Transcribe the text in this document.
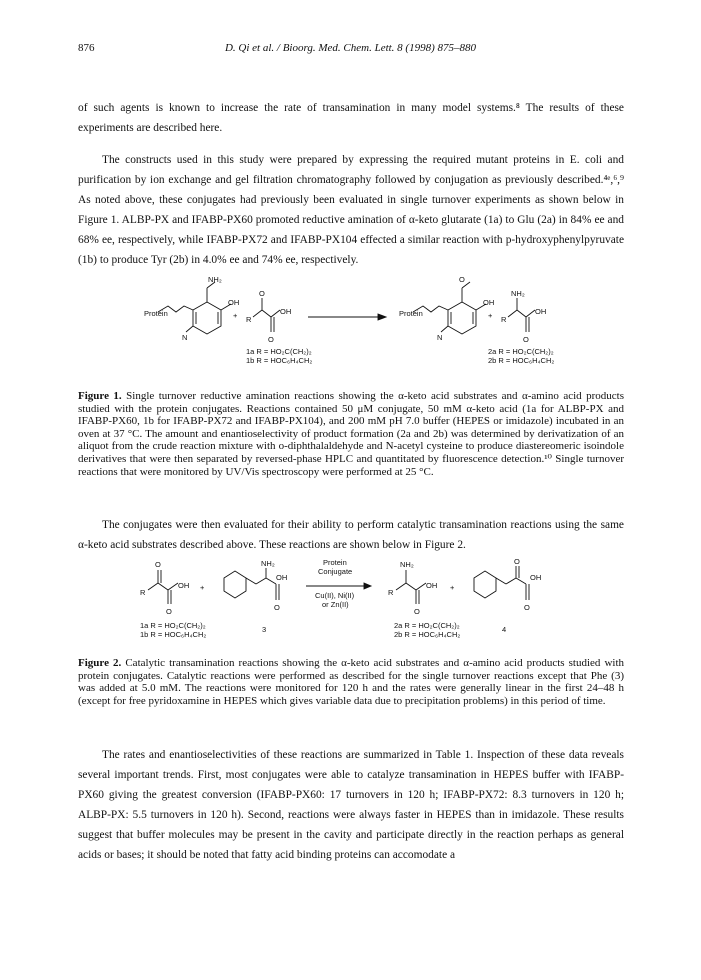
876	D. Qi et al. / Bioorg. Med. Chem. Lett. 8 (1998) 875–880

of such agents is known to increase the rate of transamination in many model systems.⁸ The results of these experiments are described here.

The constructs used in this study were prepared by expressing the required mutant proteins in E. coli and purification by ion exchange and gel filtration chromatography followed by conjugation as previously described.⁴ᵉ,⁶,⁹ As noted above, these conjugates had previously been evaluated in single turnover experiments as shown below in Figure 1. ALBP-PX and IFABP-PX60 promoted reductive amination of α-keto glutarate (1a) to Glu (2a) in 84% ee and 68% ee, respectively, while IFABP-PX72 and IFABP-PX104 effected a similar reaction with p-hydroxyphenylpyruvate (1b) to produce Tyr (2b) in 4.0% ee and 74% ee, respectively.

NH₂
OH
Protein
N
+
O
R
OH
O
O
OH
Protein
N
+
NH₂
R
OH
O
1a R = HO₂C(CH₂)₂
1b R = HOC₆H₄CH₂
2a R = HO₂C(CH₂)₂
2b R = HOC₆H₄CH₂
Figure 1. Single turnover reductive amination reactions showing the α-keto acid substrates and α-amino acid products studied with the protein conjugates. Reactions contained 50 μM conjugate, 50 mM α-keto acid (1a for ALBP-PX and IFABP-PX60, 1b for IFABP-PX72 and IFABP-PX104), and 200 mM pH 7.0 buffer (HEPES or imidazole) incubated in an oven at 37 °C. The amount and enantioselectivity of product formation (2a and 2b) was determined by derivatization of an aliquot from the crude reaction mixture with o-diphthalaldehyde and N-acetyl cysteine to produce diastereomeric isoindole derivatives that were then separated by reversed-phase HPLC and quantitated by fluorescence detection.¹⁰ Single turnover reactions that were monitored by UV/Vis spectroscopy were performed at 25 °C.

The conjugates were then evaluated for their ability to perform catalytic transamination reactions using the same α-keto acid substrates described above. These reactions are shown below in Figure 2.

O
R
OH
O
+
NH₂
OH
O
Protein
Conjugate
Cu(II), Ni(II)
or Zn(II)
NH₂
R
OH
O
+
O
OH
O
1a R = HO₂C(CH₂)₂
1b R = HOC₆H₄CH₂
3	2a R = HO₂C(CH₂)₂
2b R = HOC₆H₄CH₂
4
Figure 2. Catalytic transamination reactions showing the α-keto acid substrates and α-amino acid products studied with protein conjugates. Catalytic reactions were performed as described for the single turnover reactions except that Phe (3) was added at 5.0 mM. The reactions were monitored for 120 h and the rates were generally linear in the first 24–48 h (except for free pyridoxamine in HEPES which gives variable data due to precipitation problems) in this period of time.

The rates and enantioselectivities of these reactions are summarized in Table 1. Inspection of these data reveals several important trends. First, most conjugates were able to catalyze transamination in HEPES buffer with IFABP-PX60 giving the greatest conversion (IFABP-PX60: 17 turnovers in 120 h; IFABP-PX72: 8.3 turnovers in 120 h; ALBP-PX: 5.5 turnovers in 120 h). Second, reactions were always faster in HEPES than in imidazole. These results suggest that buffer molecules may be present in the cavity and participate directly in the reaction perhaps as general acids or bases; it should be noted that fatty acid binding proteins can accomodate a
